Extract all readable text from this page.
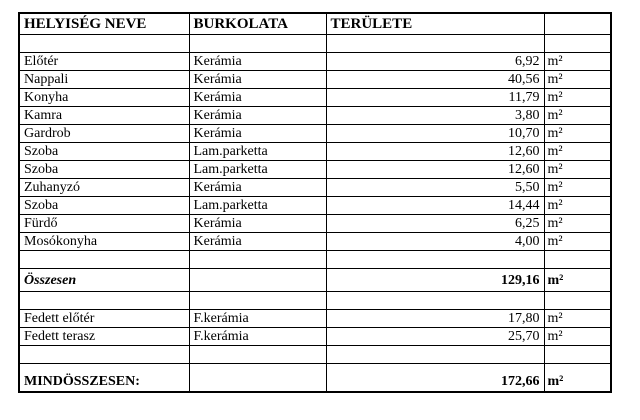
HELYISÉG NEVE	BURKOLATA	TERÜLETE	

Előtér	Kerámia	6,92	m²
Nappali	Kerámia	40,56	m²
Konyha	Kerámia	11,79	m²
Kamra	Kerámia	3,80	m²
Gardrob	Kerámia	10,70	m²
Szoba	Lam.parketta	12,60	m²
Szoba	Lam.parketta	12,60	m²
Zuhanyzó	Kerámia	5,50	m²
Szoba	Lam.parketta	14,44	m²
Fürdő	Kerámia	6,25	m²
Mosókonyha	Kerámia	4,00	m²

Összesen		129,16	m²

Fedett előtér	F.kerámia	17,80	m²
Fedett terasz	F.kerámia	25,70	m²

MINDÖSSZESEN:		172,66	m²
